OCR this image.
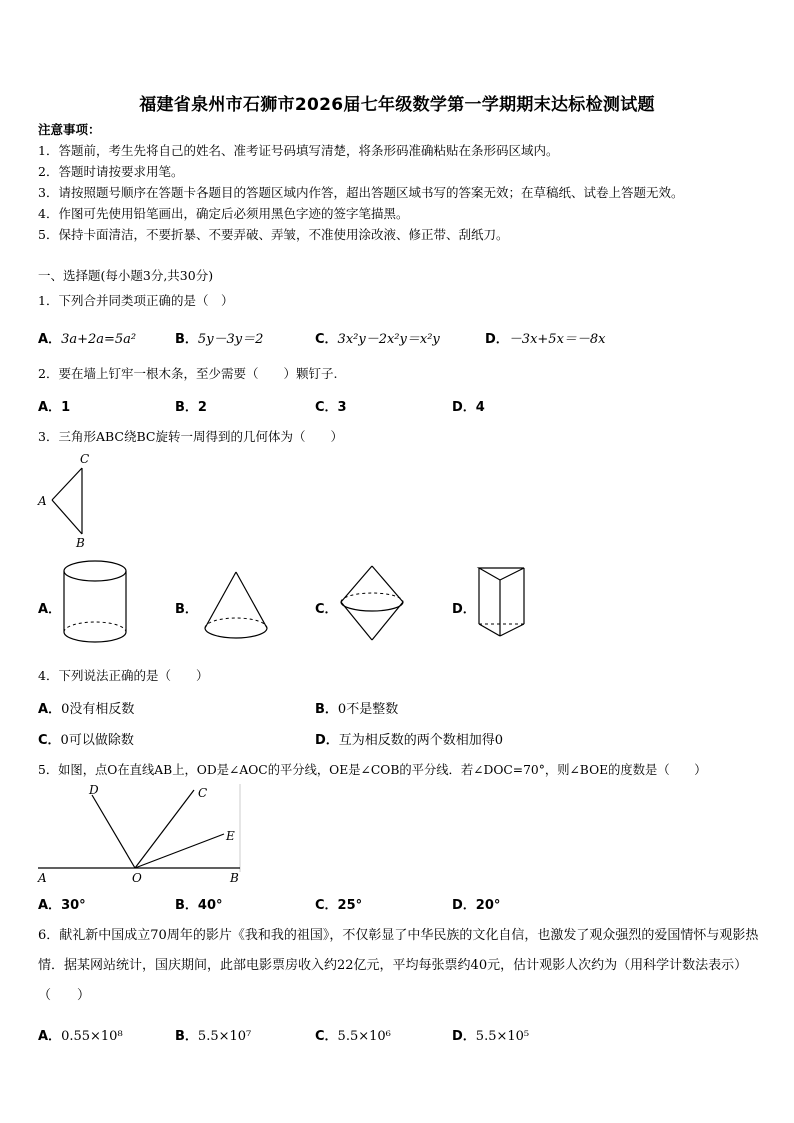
福建省泉州市石狮市2026届七年级数学第一学期期末达标检测试题
注意事项：
1．答题前，考生先将自己的姓名、准考证号码填写清楚，将条形码准确粘贴在条形码区域内。
2．答题时请按要求用笔。
3．请按照题号顺序在答题卡各题目的答题区域内作答，超出答题区域书写的答案无效；在草稿纸、试卷上答题无效。
4．作图可先使用铅笔画出，确定后必须用黑色字迹的签字笔描黑。
5．保持卡面清洁，不要折暴、不要弄破、弄皱，不准使用涂改液、修正带、刮纸刀。
一、选择题(每小题3分,共30分)
1．下列合并同类项正确的是（　）
A．3a+2a=5a²	B．5y－3y＝2	C．3x²y－2x²y＝x²y	D．－3x+5x＝－8x
2．要在墙上钉牢一根木条，至少需要（　　）颗钉子.
A．1	B．2	C．3	D．4
3．三角形ABC绕BC旋转一周得到的几何体为（　　）
C
A
B
A．	B．	C．	D．
4．下列说法正确的是（　　）
A．0没有相反数	B．0不是整数
C．0可以做除数	D．互为相反数的两个数相加得0
5．如图，点O在直线AB上，OD是∠AOC的平分线，OE是∠COB的平分线．若∠DOC=70°，则∠BOE的度数是（　　）
D	C
E
A	O	B
A．30°	B．40°	C．25°	D．20°
6．献礼新中国成立70周年的影片《我和我的祖国》，不仅彰显了中华民族的文化自信，也激发了观众强烈的爱国情怀与观影热情．据某网站统计，国庆期间，此部电影票房收入约22亿元，平均每张票约40元，估计观影人次约为（用科学计数法表示）（　　）
A．0.55×10⁸	B．5.5×10⁷	C．5.5×10⁶	D．5.5×10⁵
